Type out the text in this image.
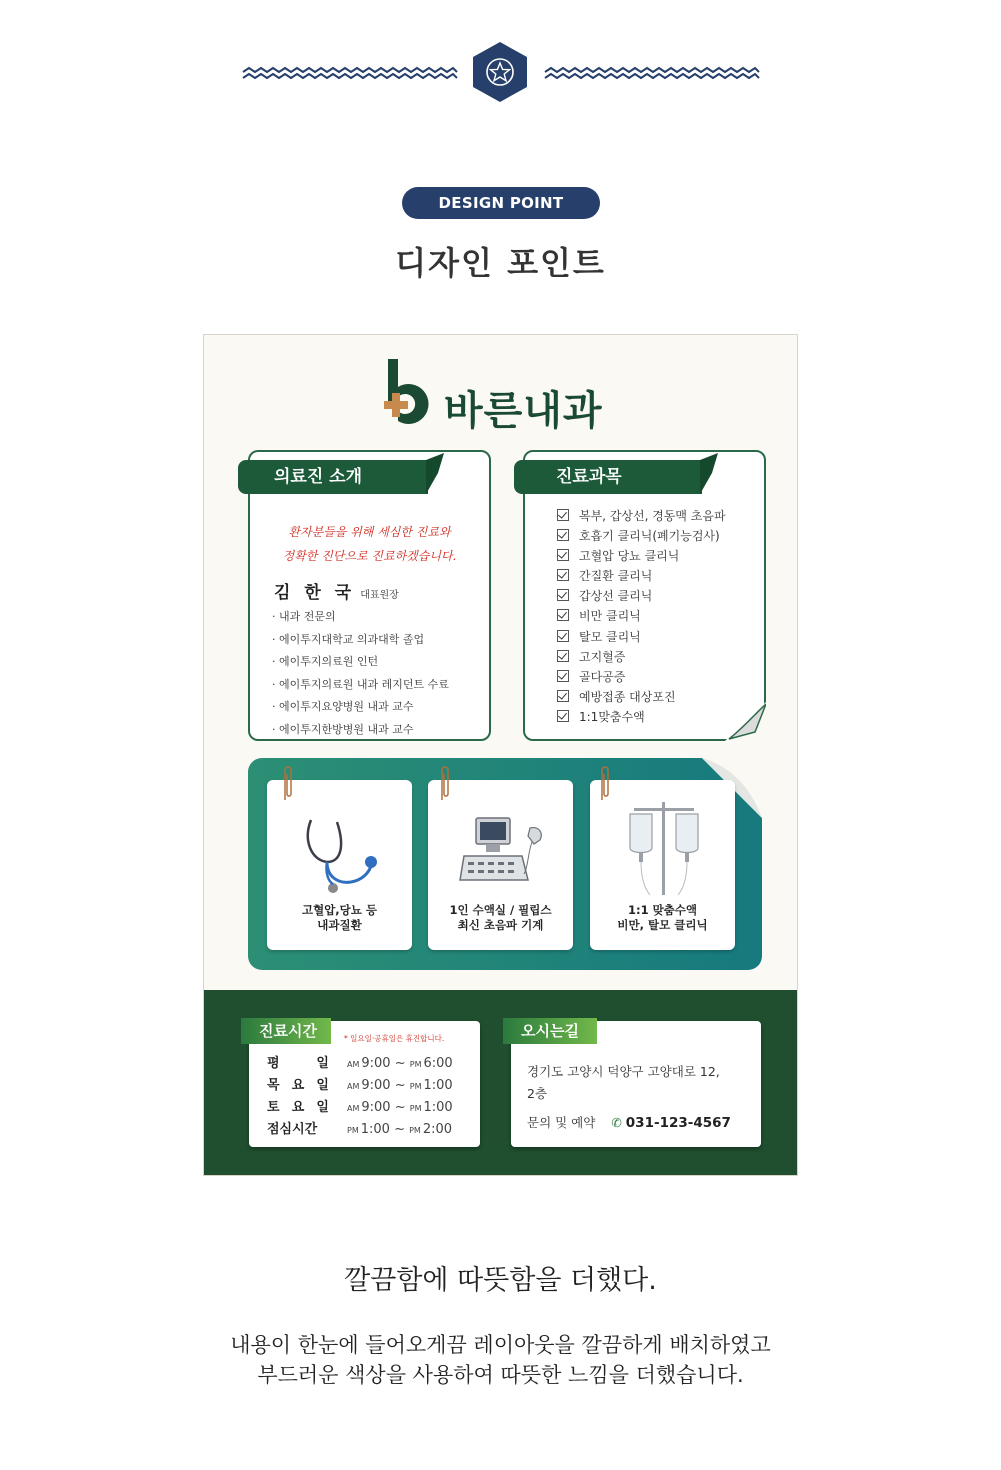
DESIGN POINT
디자인 포인트
바른내과
환자분들을 위해 세심한 진료와
정확한 진단으로 진료하겠습니다.
김 한 국 대표원장
· 내과 전문의
· 에이투지대학교 의과대학 졸업
· 에이투지의료원 인턴
· 에이투지의료원 내과 레지던트 수료
· 에이투지요양병원 내과 교수
· 에이투지한방병원 내과 교수
의료진 소개
복부, 갑상선, 경동맥 초음파
호흡기 클리닉(폐기능검사)
고혈압 당뇨 클리닉
간질환 클리닉
갑상선 클리닉
비만 클리닉
탈모 클리닉
고지혈증
골다공증
예방접종 대상포진
1:1맞춤수액
진료과목
고혈압,당뇨 등
내과질환
1인 수액실 / 필립스
최신 초음파 기계
1:1 맞춤수액
비만, 탈모 클리닉
진료시간	* 일요일·공휴일은 휴진합니다.
평 일 AM 9:00 ~ PM 6:00
목 요 일 AM 9:00 ~ PM 1:00
토 요 일 AM 9:00 ~ PM 1:00
점심시간	PM 1:00 ~ PM 2:00
오시는길
경기도 고양시 덕양구 고양대로 12,
2층
문의 및 예약 ✆ 031-123-4567
깔끔함에 따뜻함을 더했다.
내용이 한눈에 들어오게끔 레이아웃을 깔끔하게 배치하였고
부드러운 색상을 사용하여 따뜻한 느낌을 더했습니다.
